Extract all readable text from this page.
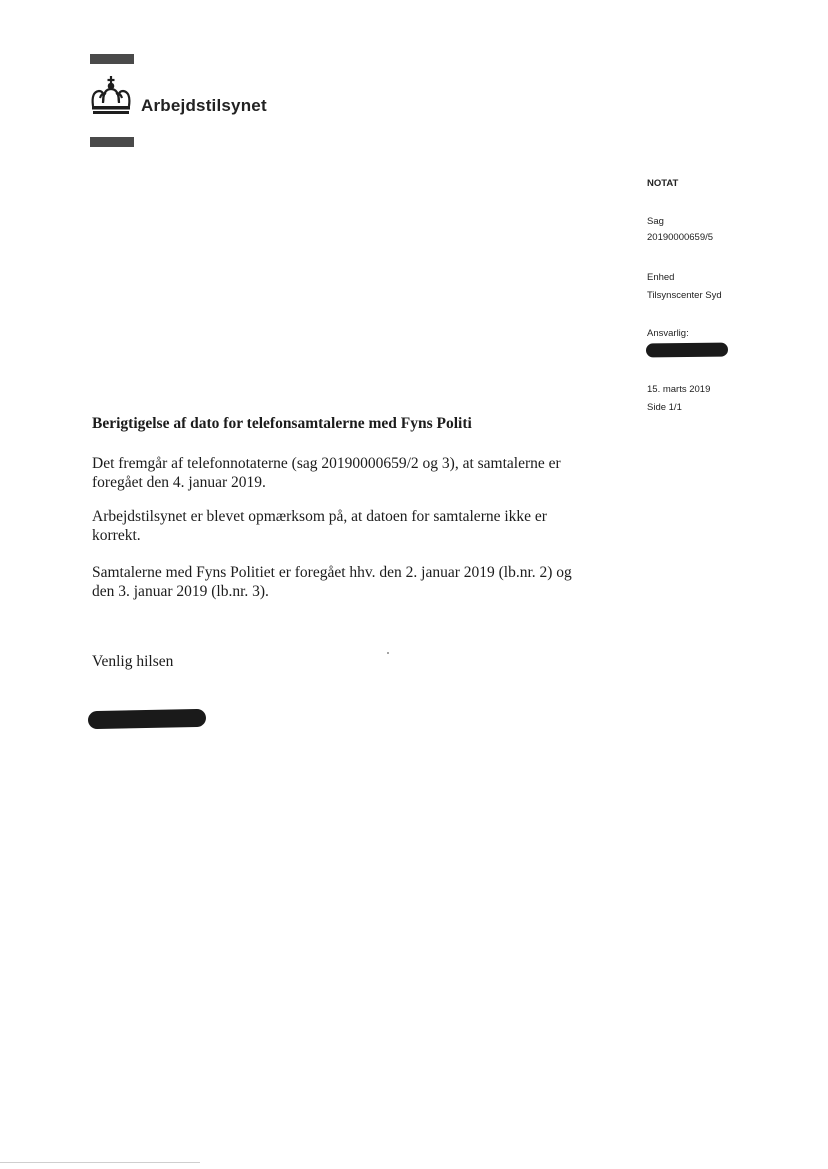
Arbejdstilsynet
NOTAT
Sag
20190000659/5
Enhed
Tilsynscenter Syd
Ansvarlig:
15. marts 2019
Side 1/1
Berigtigelse af dato for telefonsamtalerne med Fyns Politi
Det fremgår af telefonnotaterne (sag 20190000659/2 og 3), at samtalerne er foregået den 4. januar 2019.
Arbejdstilsynet er blevet opmærksom på, at datoen for samtalerne ikke er korrekt.
Samtalerne med Fyns Politiet er foregået hhv. den 2. januar 2019 (lb.nr. 2) og den 3. januar 2019 (lb.nr. 3).
Venlig hilsen
